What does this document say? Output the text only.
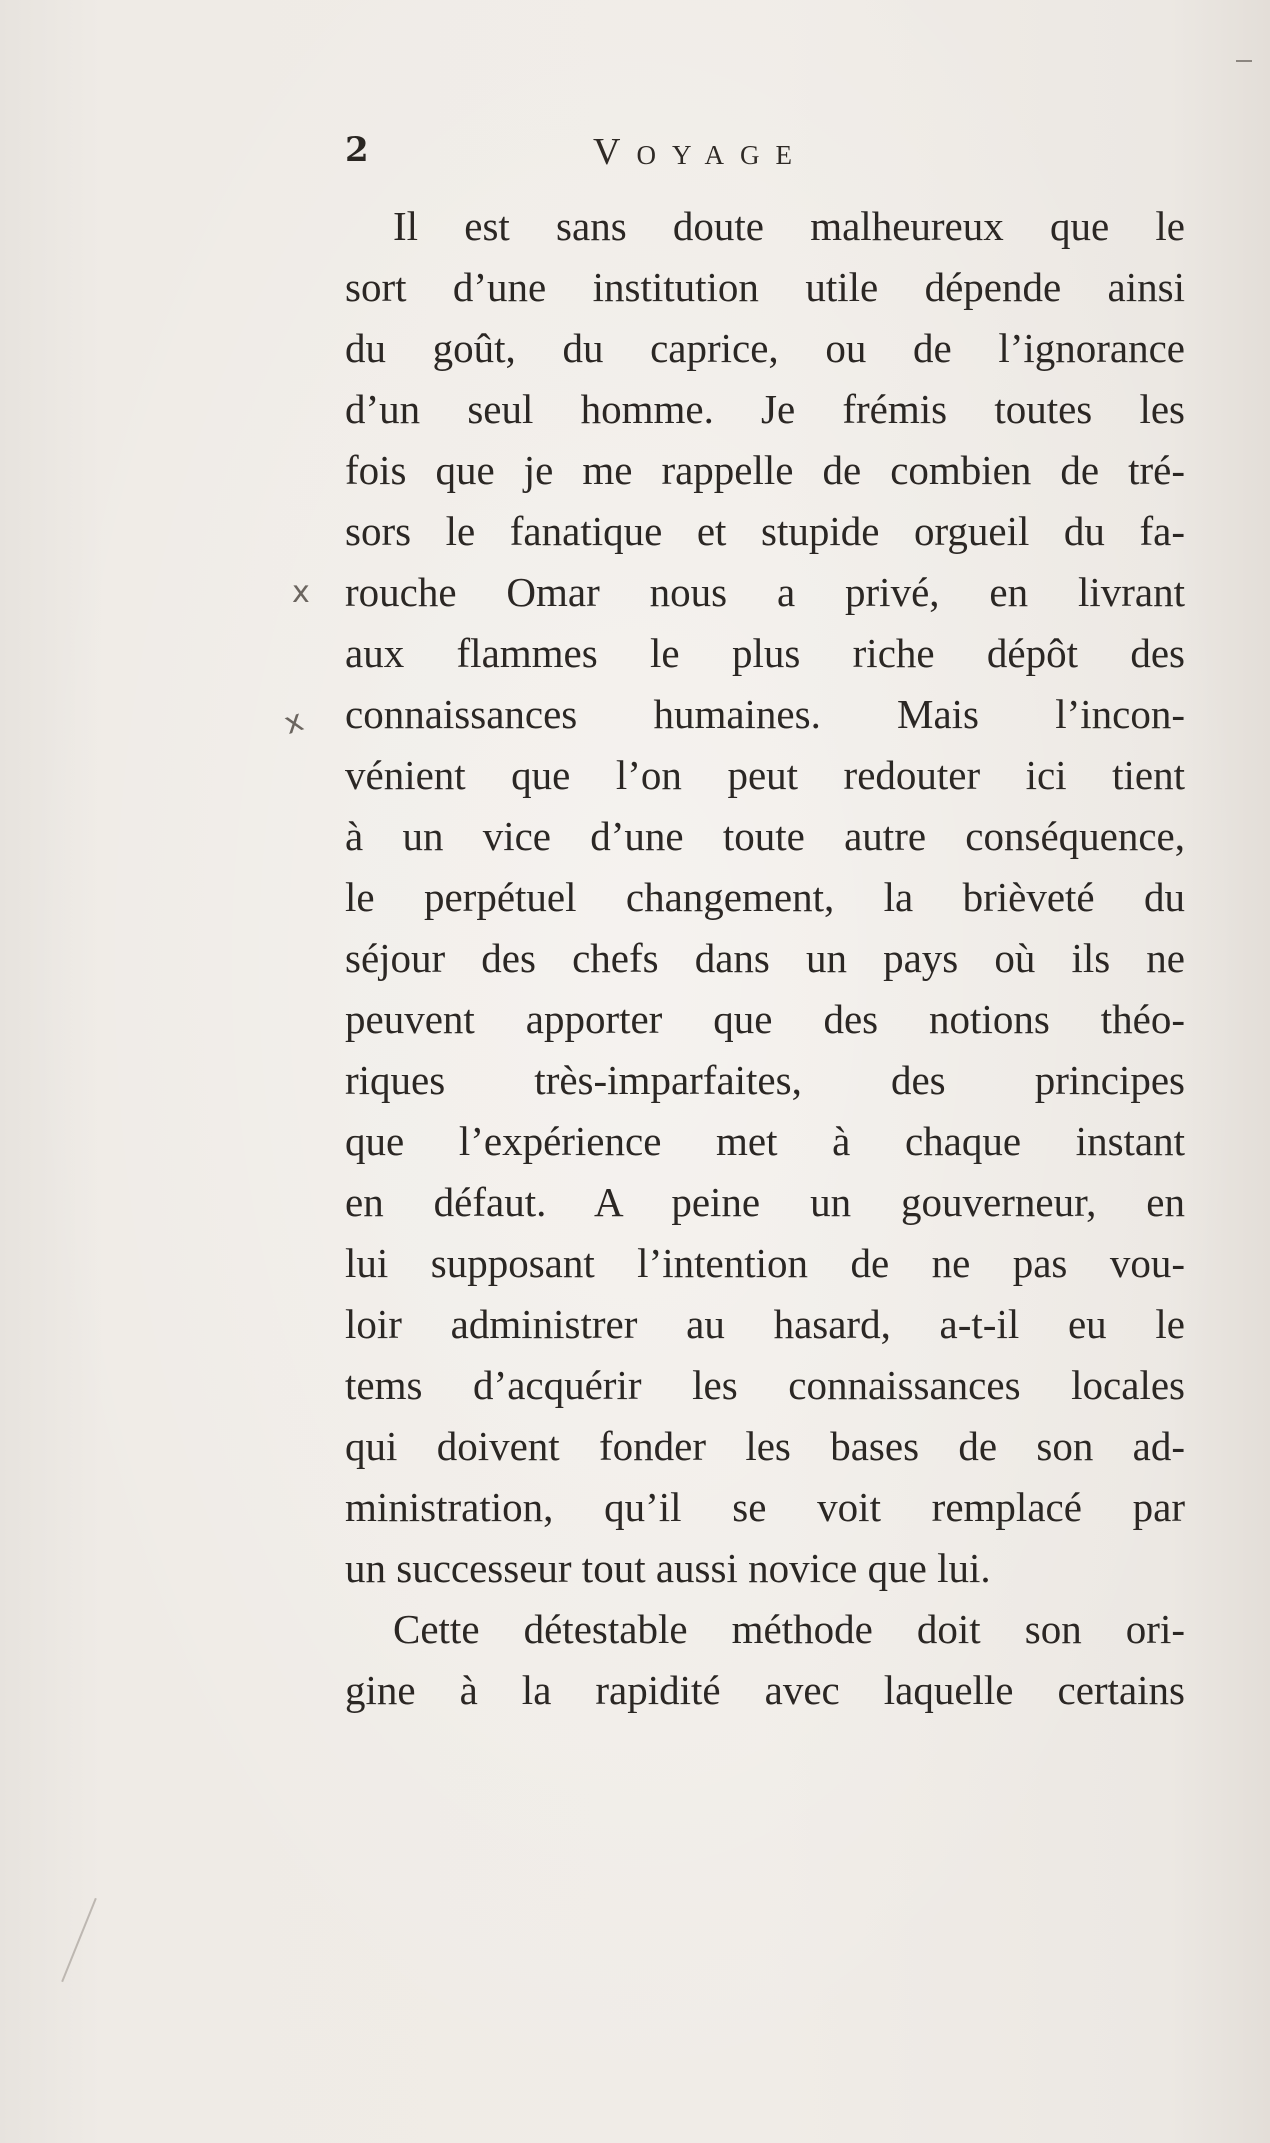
2	Voyage
x
x
Il est sans doute malheureux que le
sort d’une institution utile dépende ainsi
du goût, du caprice, ou de l’ignorance
d’un seul homme. Je frémis toutes les
fois que je me rappelle de combien de tré-
sors le fanatique et stupide orgueil du fa-
rouche Omar nous a privé, en livrant
aux flammes le plus riche dépôt des
connaissances humaines. Mais l’incon-
vénient que l’on peut redouter ici tient
à un vice d’une toute autre conséquence,
le perpétuel changement, la brièveté du
séjour des chefs dans un pays où ils ne
peuvent apporter que des notions théo-
riques très-imparfaites, des principes
que l’expérience met à chaque instant
en défaut. A peine un gouverneur, en
lui supposant l’intention de ne pas vou-
loir administrer au hasard, a-t-il eu le
tems d’acquérir les connaissances locales
qui doivent fonder les bases de son ad-
ministration, qu’il se voit remplacé par
un successeur tout aussi novice que lui.
Cette détestable méthode doit son ori-
gine à la rapidité avec laquelle certains
